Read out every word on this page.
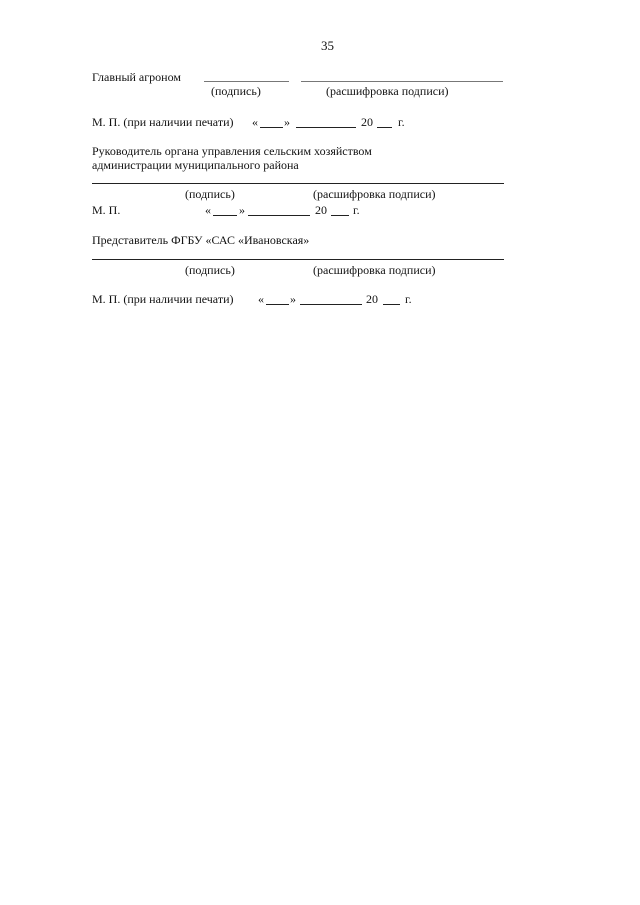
35
Главный агроном
(подпись)	(расшифровка подписи)
М. П. (при наличии печати) « »	20 г.
Руководитель органа управления сельским хозяйством
администрации муниципального района
(подпись)	(расшифровка подписи)
М. П.	« »	20 г.
Представитель ФГБУ «САС «Ивановская»
(подпись)	(расшифровка подписи)
М. П. (при наличии печати) « »	20 г.
